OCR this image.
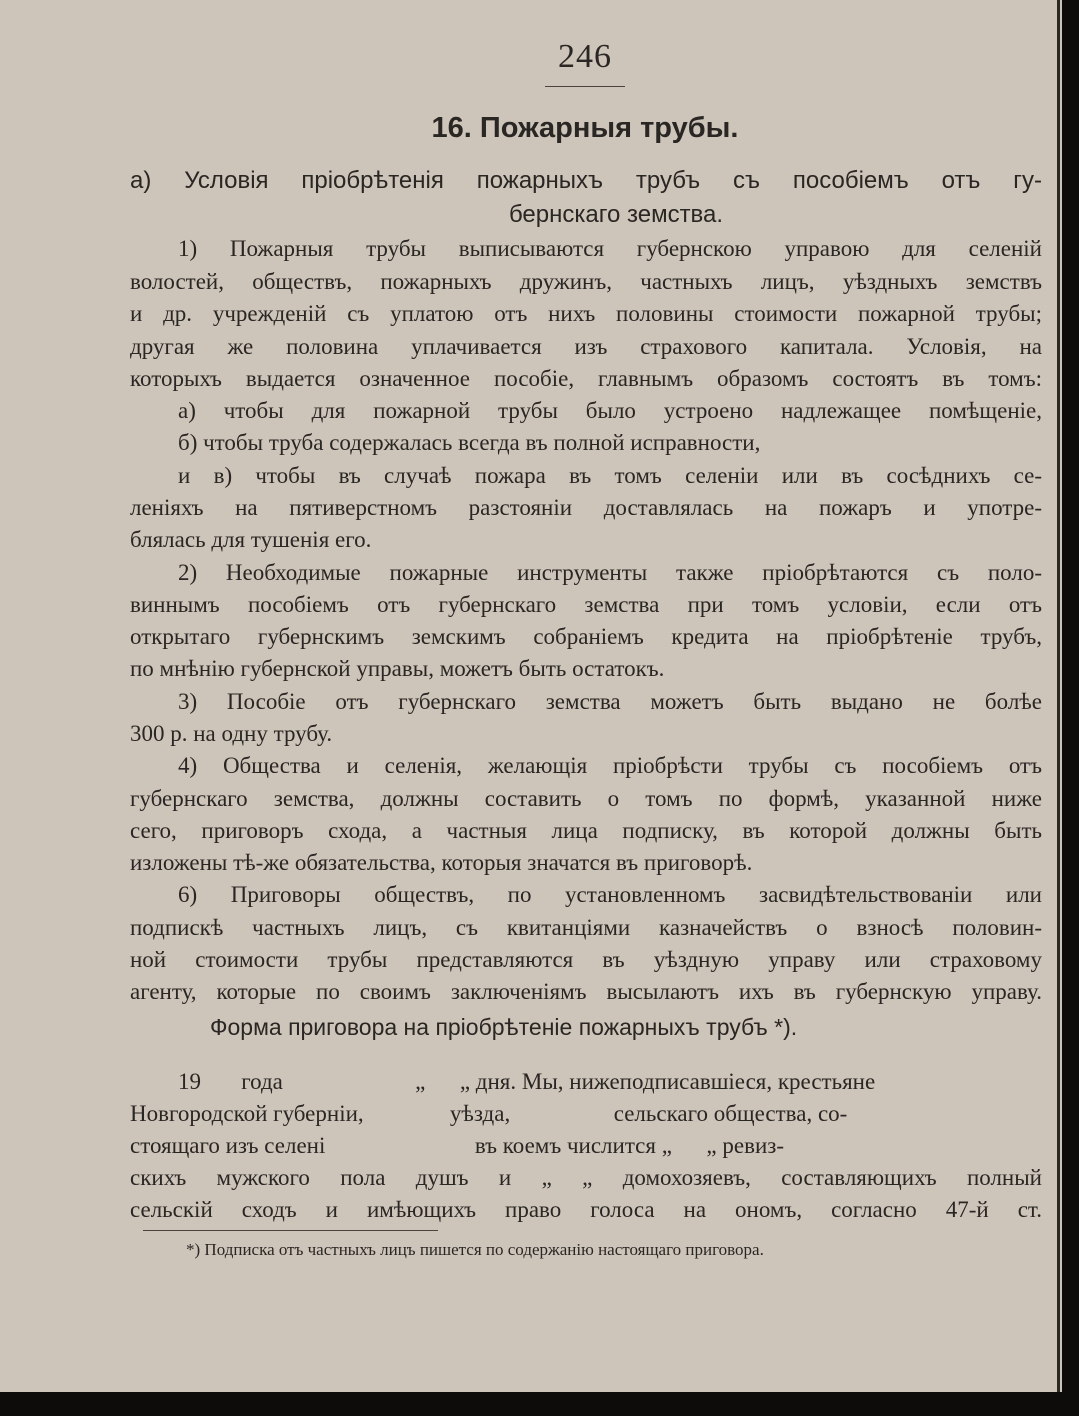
246
16. Пожарныя трубы.
а) Условія пріобрѣтенія пожарныхъ трубъ съ пособіемъ отъ гу-
бернскаго земства.
1) Пожарныя трубы выписываются губернскою управою для селеній
волостей, обществъ, пожарныхъ дружинъ, частныхъ лицъ, уѣздныхъ земствъ
и др. учрежденій съ уплатою отъ нихъ половины стоимости пожарной трубы;
другая же половина уплачивается изъ страхового капитала. Условія, на
которыхъ выдается означенное пособіе, главнымъ образомъ состоятъ въ томъ:
а) чтобы для пожарной трубы было устроено надлежащее помѣщеніе,
б) чтобы труба содержалась всегда въ полной исправности,
и в) чтобы въ случаѣ пожара въ томъ селеніи или въ сосѣднихъ се-
леніяхъ на пятиверстномъ разстояніи доставлялась на пожаръ и употре-
блялась для тушенія его.
2) Необходимые пожарные инструменты также пріобрѣтаются съ поло-
виннымъ пособіемъ отъ губернскаго земства при томъ условіи, если отъ
открытаго губернскимъ земскимъ собраніемъ кредита на пріобрѣтеніе трубъ,
по мнѣнію губернской управы, можетъ быть остатокъ.
3) Пособіе отъ губернскаго земства можетъ быть выдано не болѣе
300 р. на одну трубу.
4) Общества и селенія, желающія пріобрѣсти трубы съ пособіемъ отъ
губернскаго земства, должны составить о томъ по формѣ, указанной ниже
сего, приговоръ схода, а частныя лица подписку, въ которой должны быть
изложены тѣ-же обязательства, которыя значатся въ приговорѣ.
6) Приговоры обществъ, по установленномъ засвидѣтельствованіи или
подпискѣ частныхъ лицъ, съ квитанціями казначействъ о взносѣ половин-
ной стоимости трубы представляются въ уѣздную управу или страховому
агенту, которые по своимъ заключеніямъ высылаютъ ихъ въ губернскую управу.
Форма приговора на пріобрѣтеніе пожарныхъ трубъ *).
19       года                       „      „ дня. Мы, нижеподписавшіеся, крестьяне
Новгородской губерніи,               уѣзда,                  сельскаго общества, со-
стоящаго изъ селені                          въ коемъ числится „      „ ревиз-
скихъ мужского пола душъ и „ „ домохозяевъ, составляющихъ полный
сельскій сходъ и имѣющихъ право голоса на ономъ, согласно 47-й ст.
*) Подписка отъ частныхъ лицъ пишется по содержанію настоящаго приговора.
